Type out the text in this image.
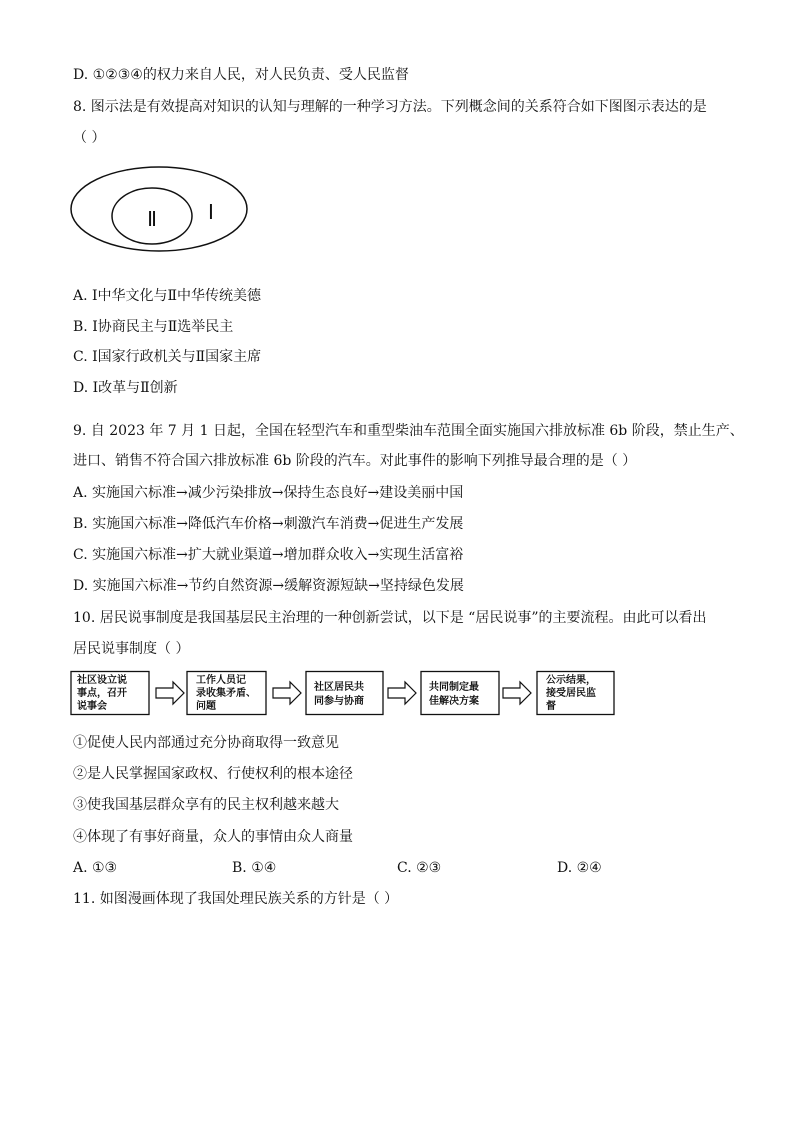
D. ①②③④的权力来自人民，对人民负责、受人民监督
8. 图示法是有效提高对知识的认知与理解的一种学习方法。下列概念间的关系符合如下图图示表达的是
（ ）
Ⅱ	Ⅰ
A. Ⅰ中华文化与Ⅱ中华传统美德
B. Ⅰ协商民主与Ⅱ选举民主
C. Ⅰ国家行政机关与Ⅱ国家主席
D. Ⅰ改革与Ⅱ创新
9. 自 2023 年 7 月 1 日起，全国在轻型汽车和重型柴油车范围全面实施国六排放标准 6b 阶段，禁止生产、
进口、销售不符合国六排放标准 6b 阶段的汽车。对此事件的影响下列推导最合理的是（ ）
A. 实施国六标准→减少污染排放→保持生态良好→建设美丽中国
B. 实施国六标准→降低汽车价格→刺激汽车消费→促进生产发展
C. 实施国六标准→扩大就业渠道→增加群众收入→实现生活富裕
D. 实施国六标准→节约自然资源→缓解资源短缺→坚持绿色发展
10. 居民说事制度是我国基层民主治理的一种创新尝试，以下是 “居民说事”的主要流程。由此可以看出
居民说事制度（ ）
社区设立说 事点，召开 说事会
工作人员记 录收集矛盾、 问题
社区居民共 同参与协商
共同制定最 佳解决方案
公示结果， 接受居民监 督
①促使人民内部通过充分协商取得一致意见
②是人民掌握国家政权、行使权利的根本途径
③使我国基层群众享有的民主权利越来越大
④体现了有事好商量，众人的事情由众人商量
A. ①③	B. ①④	C. ②③	D. ②④
11. 如图漫画体现了我国处理民族关系的方针是（ ）
